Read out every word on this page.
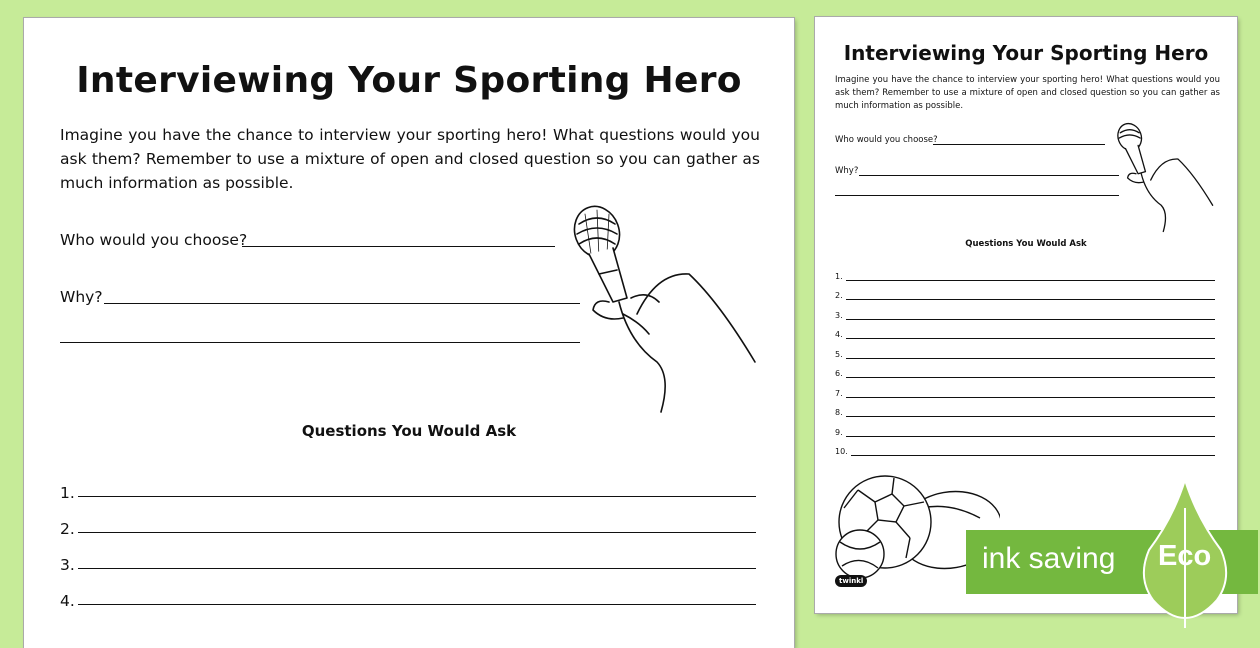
Interviewing Your Sporting Hero
Imagine you have the chance to interview your sporting hero! What questions would you ask them? Remember to use a mixture of open and closed question so you can gather as much information as possible.
Who would you choose?
Why?
Questions You Would Ask
1.
2.
3.
4.
Interviewing Your Sporting Hero
Imagine you have the chance to interview your sporting hero! What questions would you ask them? Remember to use a mixture of open and closed question so you can gather as much information as possible.
Who would you choose?
Why?
Questions You Would Ask
1.
2.
3.
4.
5.
6.
7.
8.
9.
10.
twinkl
ink saving Eco
